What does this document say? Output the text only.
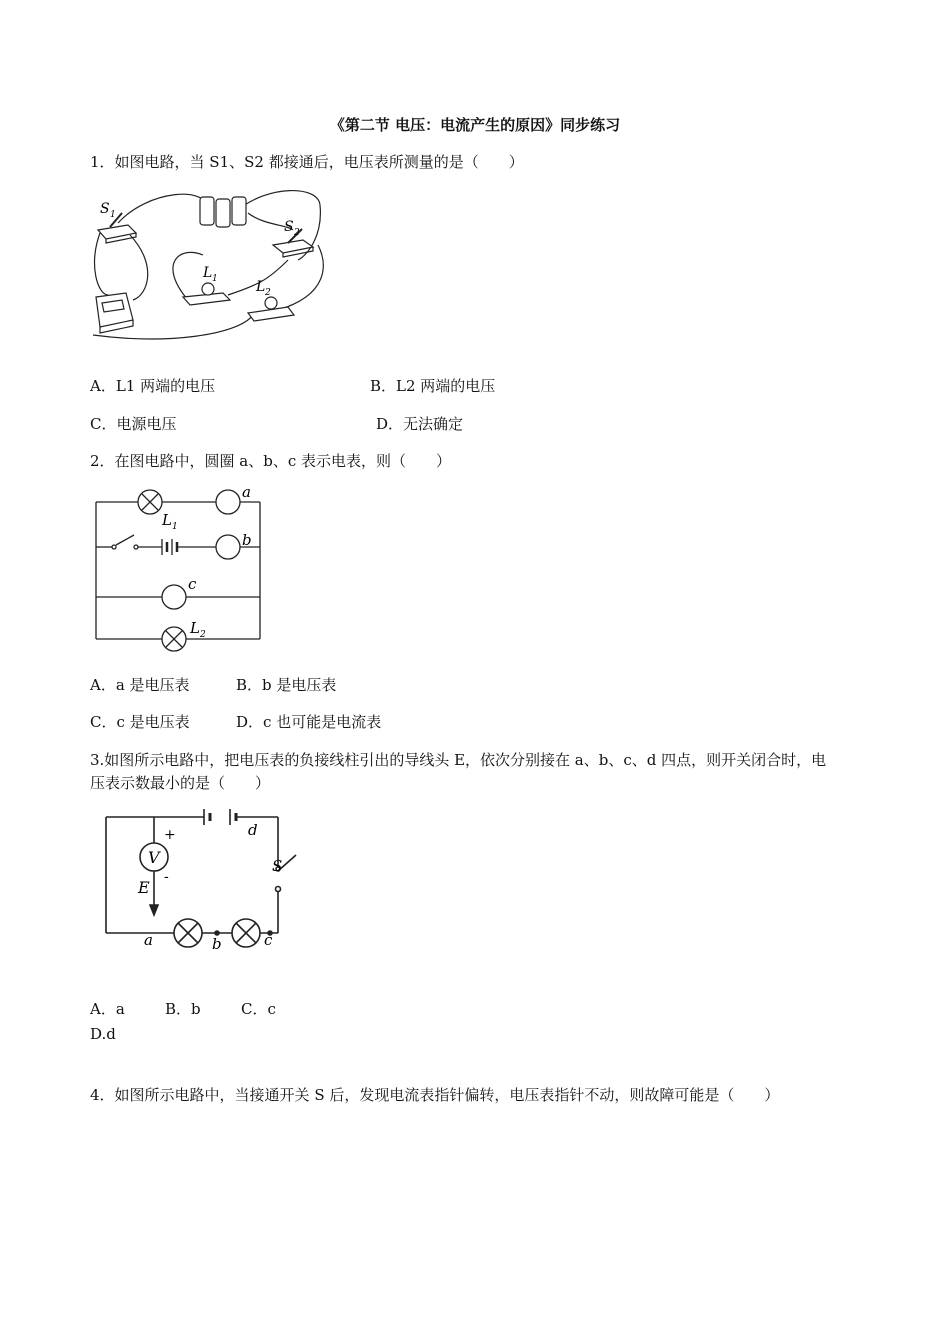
《第二节 电压：电流产生的原因》同步练习
1．如图电路，当 S1、S2 都接通后，电压表所测量的是（　　）
S 1
S 2
L 1	L 2
A．L1 两端的电压	B．L2 两端的电压
C．电源电压	D．无法确定
2．在图电路中，圆圈 a、b、c 表示电表，则（　　）
a
b
c
L 1
L 2
A．a 是电压表	B．b 是电压表
C．c 是电压表	D．c 也可能是电流表
3.如图所示电路中，把电压表的负接线柱引出的导线头 E，依次分别接在 a、b、c、d 四点，则开关闭合时，电
压表示数最小的是（　　）
V
+
-
E
a	b	c
d
S
A．a	B．b	C．c
D.d
4．如图所示电路中，当接通开关 S 后，发现电流表指针偏转，电压表指针不动，则故障可能是（　　）
